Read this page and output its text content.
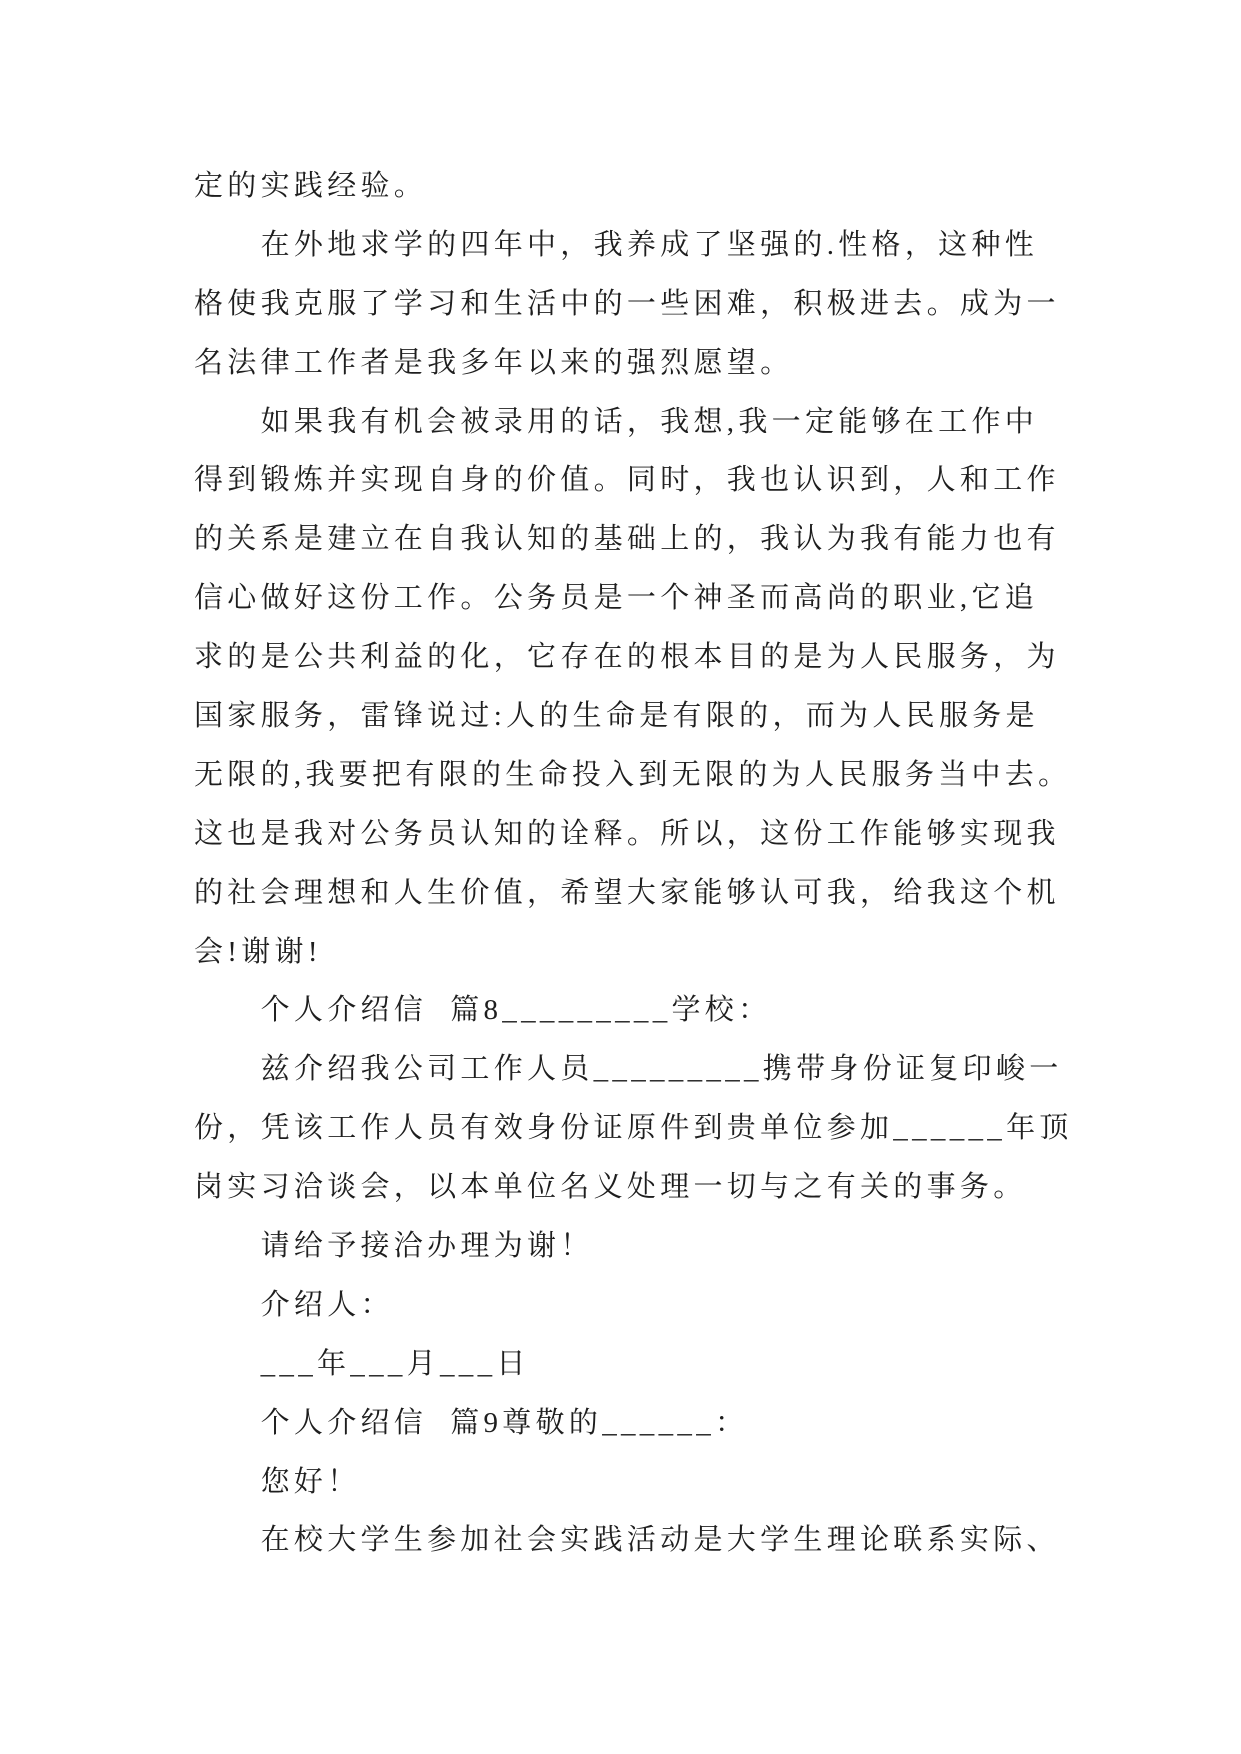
定的实践经验。
在外地求学的四年中，我养成了坚强的.性格，这种性
格使我克服了学习和生活中的一些困难，积极进去。成为一
名法律工作者是我多年以来的强烈愿望。
如果我有机会被录用的话，我想,我一定能够在工作中
得到锻炼并实现自身的价值。同时，我也认识到，人和工作
的关系是建立在自我认知的基础上的，我认为我有能力也有
信心做好这份工作。公务员是一个神圣而高尚的职业,它追
求的是公共利益的化，它存在的根本目的是为人民服务，为
国家服务，雷锋说过:人的生命是有限的，而为人民服务是
无限的,我要把有限的生命投入到无限的为人民服务当中去。
这也是我对公务员认知的诠释。所以，这份工作能够实现我
的社会理想和人生价值，希望大家能够认可我，给我这个机
会!谢谢!
个人介绍信  篇8_________学校：
兹介绍我公司工作人员_________携带身份证复印峻一
份，凭该工作人员有效身份证原件到贵单位参加______年顶
岗实习洽谈会，以本单位名义处理一切与之有关的事务。
请给予接洽办理为谢！
介绍人：
___年___月___日
个人介绍信  篇9尊敬的______：
您好！
在校大学生参加社会实践活动是大学生理论联系实际、
